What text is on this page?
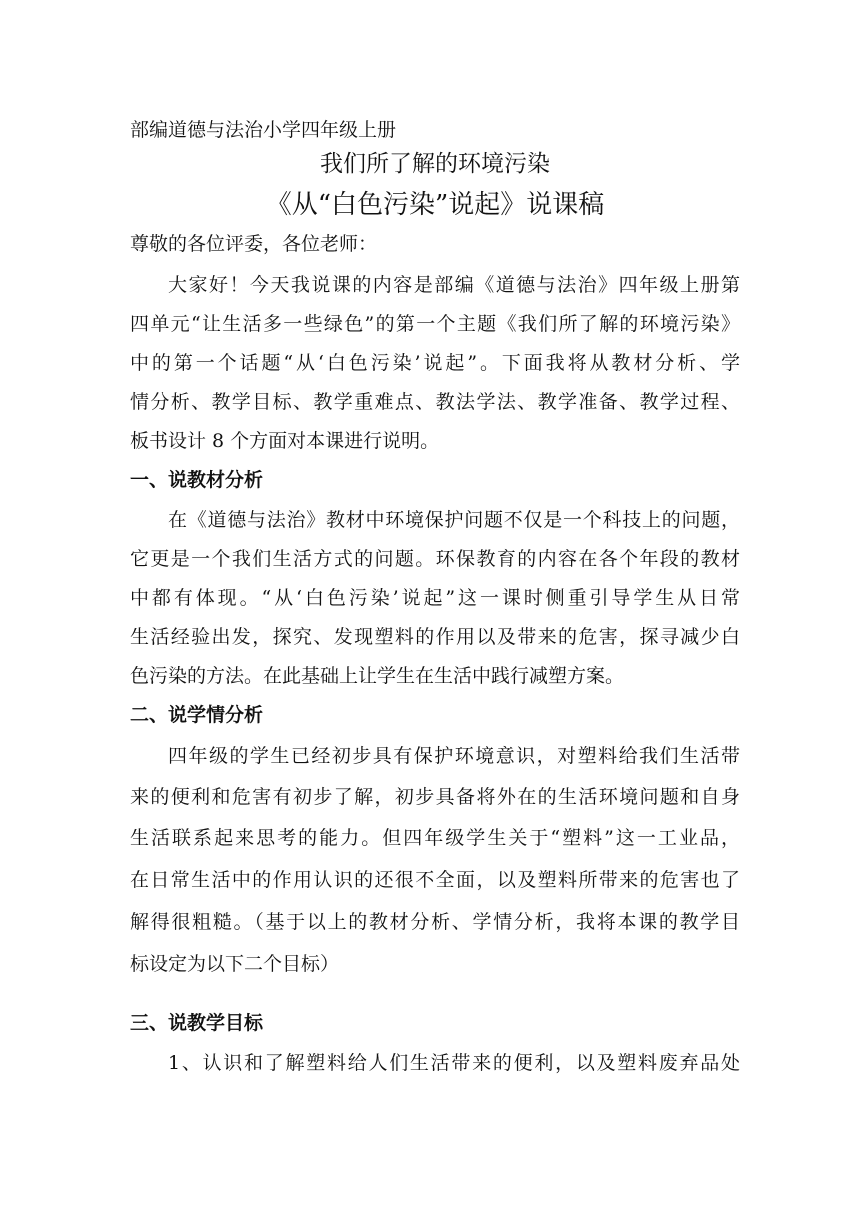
部编道德与法治小学四年级上册
我们所了解的环境污染
《从“白色污染”说起》说课稿
尊敬的各位评委，各位老师：
大家好！今天我说课的内容是部编《道德与法治》四年级上册第
四单元“让生活多一些绿色”的第一个主题《我们所了解的环境污染》
中的第一个话题“从‘白色污染’说起”。下面我将从教材分析、学
情分析、教学目标、教学重难点、教法学法、教学准备、教学过程、
板书设计 8 个方面对本课进行说明。
一、说教材分析
在《道德与法治》教材中环境保护问题不仅是一个科技上的问题，
它更是一个我们生活方式的问题。环保教育的内容在各个年段的教材
中都有体现。“从‘白色污染’说起”这一课时侧重引导学生从日常
生活经验出发，探究、发现塑料的作用以及带来的危害，探寻减少白
色污染的方法。在此基础上让学生在生活中践行减塑方案。
二、说学情分析
四年级的学生已经初步具有保护环境意识，对塑料给我们生活带
来的便利和危害有初步了解，初步具备将外在的生活环境问题和自身
生活联系起来思考的能力。但四年级学生关于“塑料”这一工业品，
在日常生活中的作用认识的还很不全面，以及塑料所带来的危害也了
解得很粗糙。（基于以上的教材分析、学情分析，我将本课的教学目
标设定为以下二个目标）
三、说教学目标
1、认识和了解塑料给人们生活带来的便利，以及塑料废弃品处
